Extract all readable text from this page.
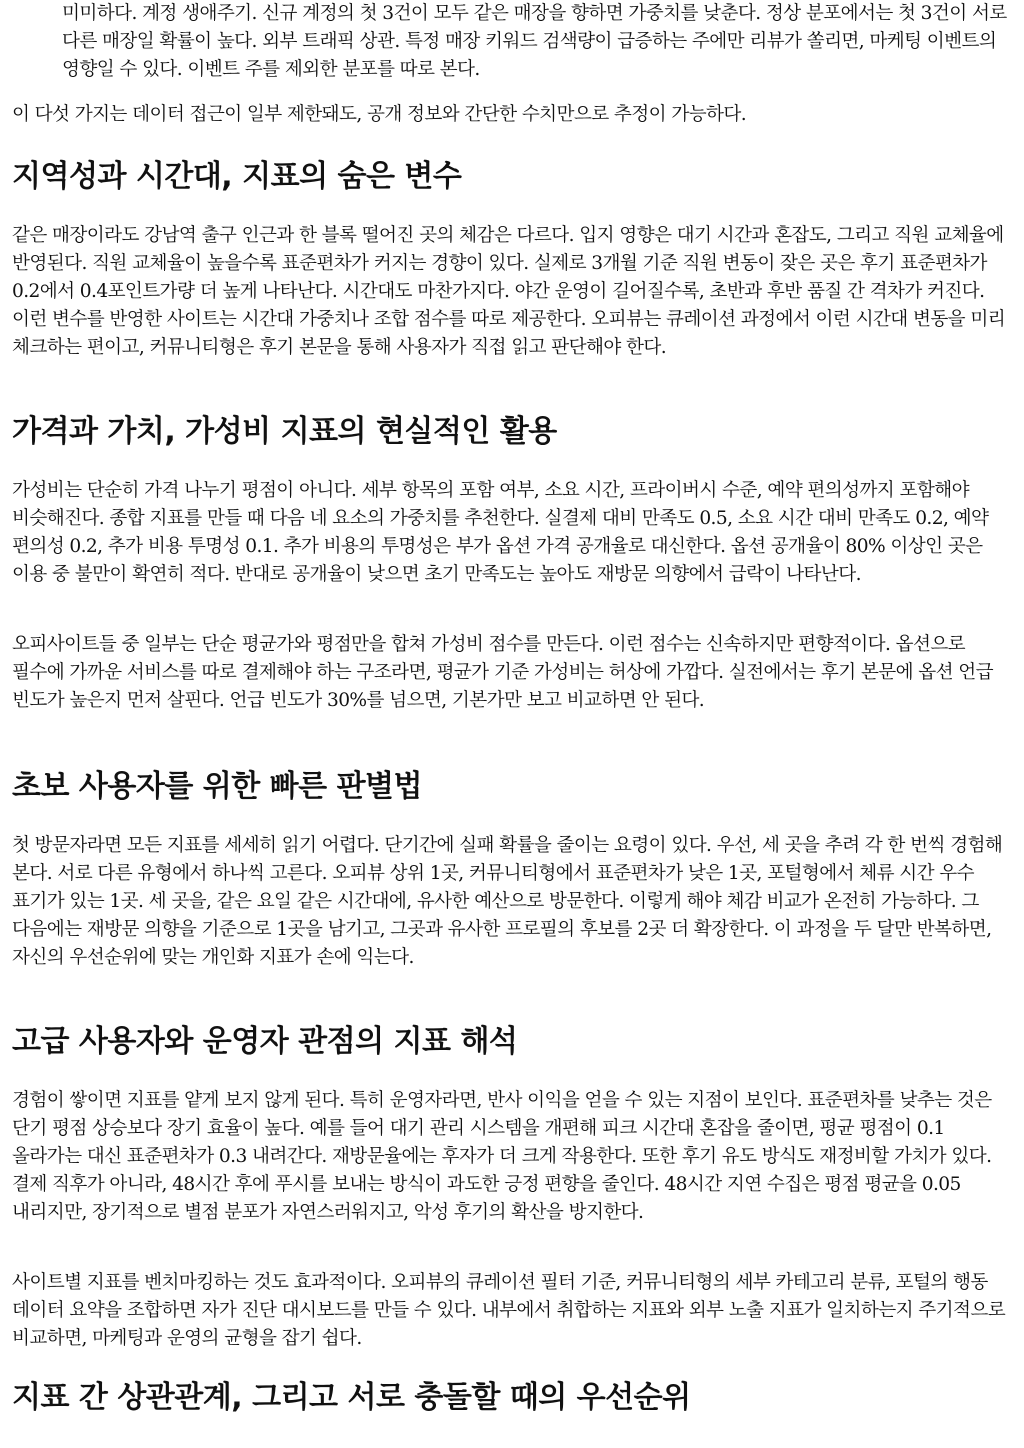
미미하다. 계정 생애주기. 신규 계정의 첫 3건이 모두 같은 매장을 향하면 가중치를 낮춘다. 정상 분포에서는 첫 3건이 서로 다른 매장일 확률이 높다. 외부 트래픽 상관. 특정 매장 키워드 검색량이 급증하는 주에만 리뷰가 쏠리면, 마케팅 이벤트의 영향일 수 있다. 이벤트 주를 제외한 분포를 따로 본다.

이 다섯 가지는 데이터 접근이 일부 제한돼도, 공개 정보와 간단한 수치만으로 추정이 가능하다.

지역성과 시간대, 지표의 숨은 변수

같은 매장이라도 강남역 출구 인근과 한 블록 떨어진 곳의 체감은 다르다. 입지 영향은 대기 시간과 혼잡도, 그리고 직원 교체율에 반영된다. 직원 교체율이 높을수록 표준편차가 커지는 경향이 있다. 실제로 3개월 기준 직원 변동이 잦은 곳은 후기 표준편차가 0.2에서 0.4포인트가량 더 높게 나타난다. 시간대도 마찬가지다. 야간 운영이 길어질수록, 초반과 후반 품질 간 격차가 커진다. 이런 변수를 반영한 사이트는 시간대 가중치나 조합 점수를 따로 제공한다. 오피뷰는 큐레이션 과정에서 이런 시간대 변동을 미리 체크하는 편이고, 커뮤니티형은 후기 본문을 통해 사용자가 직접 읽고 판단해야 한다.

가격과 가치, 가성비 지표의 현실적인 활용

가성비는 단순히 가격 나누기 평점이 아니다. 세부 항목의 포함 여부, 소요 시간, 프라이버시 수준, 예약 편의성까지 포함해야 비슷해진다. 종합 지표를 만들 때 다음 네 요소의 가중치를 추천한다. 실결제 대비 만족도 0.5, 소요 시간 대비 만족도 0.2, 예약 편의성 0.2, 추가 비용 투명성 0.1. 추가 비용의 투명성은 부가 옵션 가격 공개율로 대신한다. 옵션 공개율이 80% 이상인 곳은 이용 중 불만이 확연히 적다. 반대로 공개율이 낮으면 초기 만족도는 높아도 재방문 의향에서 급락이 나타난다.

오피사이트들 중 일부는 단순 평균가와 평점만을 합쳐 가성비 점수를 만든다. 이런 점수는 신속하지만 편향적이다. 옵션으로 필수에 가까운 서비스를 따로 결제해야 하는 구조라면, 평균가 기준 가성비는 허상에 가깝다. 실전에서는 후기 본문에 옵션 언급 빈도가 높은지 먼저 살핀다. 언급 빈도가 30%를 넘으면, 기본가만 보고 비교하면 안 된다.

초보 사용자를 위한 빠른 판별법

첫 방문자라면 모든 지표를 세세히 읽기 어렵다. 단기간에 실패 확률을 줄이는 요령이 있다. 우선, 세 곳을 추려 각 한 번씩 경험해 본다. 서로 다른 유형에서 하나씩 고른다. 오피뷰 상위 1곳, 커뮤니티형에서 표준편차가 낮은 1곳, 포털형에서 체류 시간 우수 표기가 있는 1곳. 세 곳을, 같은 요일 같은 시간대에, 유사한 예산으로 방문한다. 이렇게 해야 체감 비교가 온전히 가능하다. 그 다음에는 재방문 의향을 기준으로 1곳을 남기고, 그곳과 유사한 프로필의 후보를 2곳 더 확장한다. 이 과정을 두 달만 반복하면, 자신의 우선순위에 맞는 개인화 지표가 손에 익는다.

고급 사용자와 운영자 관점의 지표 해석

경험이 쌓이면 지표를 얕게 보지 않게 된다. 특히 운영자라면, 반사 이익을 얻을 수 있는 지점이 보인다. 표준편차를 낮추는 것은 단기 평점 상승보다 장기 효율이 높다. 예를 들어 대기 관리 시스템을 개편해 피크 시간대 혼잡을 줄이면, 평균 평점이 0.1 올라가는 대신 표준편차가 0.3 내려간다. 재방문율에는 후자가 더 크게 작용한다. 또한 후기 유도 방식도 재정비할 가치가 있다. 결제 직후가 아니라, 48시간 후에 푸시를 보내는 방식이 과도한 긍정 편향을 줄인다. 48시간 지연 수집은 평점 평균을 0.05 내리지만, 장기적으로 별점 분포가 자연스러워지고, 악성 후기의 확산을 방지한다.

사이트별 지표를 벤치마킹하는 것도 효과적이다. 오피뷰의 큐레이션 필터 기준, 커뮤니티형의 세부 카테고리 분류, 포털의 행동 데이터 요약을 조합하면 자가 진단 대시보드를 만들 수 있다. 내부에서 취합하는 지표와 외부 노출 지표가 일치하는지 주기적으로 비교하면, 마케팅과 운영의 균형을 잡기 쉽다.

지표 간 상관관계, 그리고 서로 충돌할 때의 우선순위
